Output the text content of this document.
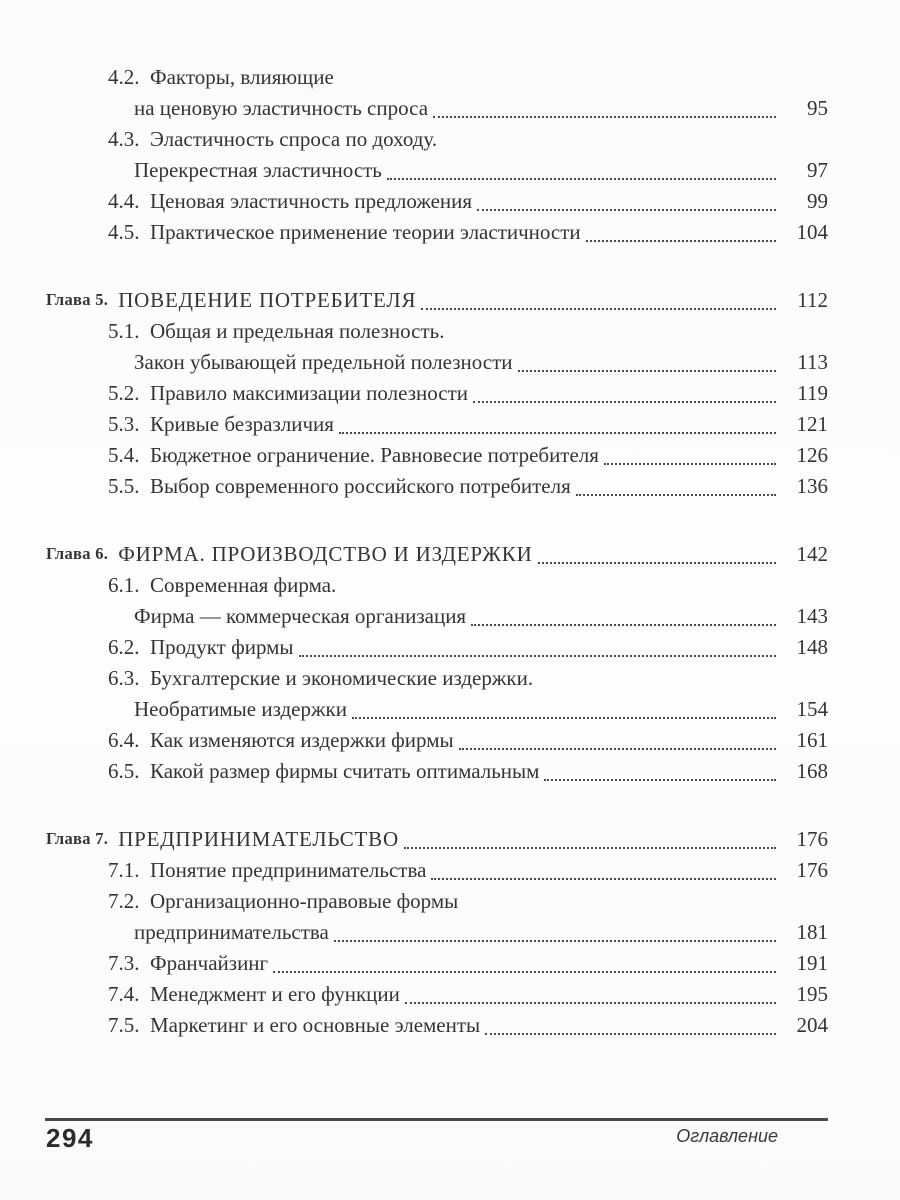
4.2. Факторы, влияющие
на ценовую эластичность спроса	95
4.3. Эластичность спроса по доходу.
Перекрестная эластичность	97
4.4. Ценовая эластичность предложения	99
4.5. Практическое применение теории эластичности	104
Глава 5. ПОВЕДЕНИЕ ПОТРЕБИТЕЛЯ	112
5.1. Общая и предельная полезность.
Закон убывающей предельной полезности	113
5.2. Правило максимизации полезности	119
5.3. Кривые безразличия	121
5.4. Бюджетное ограничение. Равновесие потребителя	126
5.5. Выбор современного российского потребителя	136
Глава 6. ФИРМА. ПРОИЗВОДСТВО И ИЗДЕРЖКИ	142
6.1. Современная фирма.
Фирма — коммерческая организация	143
6.2. Продукт фирмы	148
6.3. Бухгалтерские и экономические издержки.
Необратимые издержки	154
6.4. Как изменяются издержки фирмы	161
6.5. Какой размер фирмы считать оптимальным	168
Глава 7. ПРЕДПРИНИМАТЕЛЬСТВО	176
7.1. Понятие предпринимательства	176
7.2. Организационно-правовые формы
предпринимательства	181
7.3. Франчайзинг	191
7.4. Менеджмент и его функции	195
7.5. Маркетинг и его основные элементы	204
294	Оглавление
